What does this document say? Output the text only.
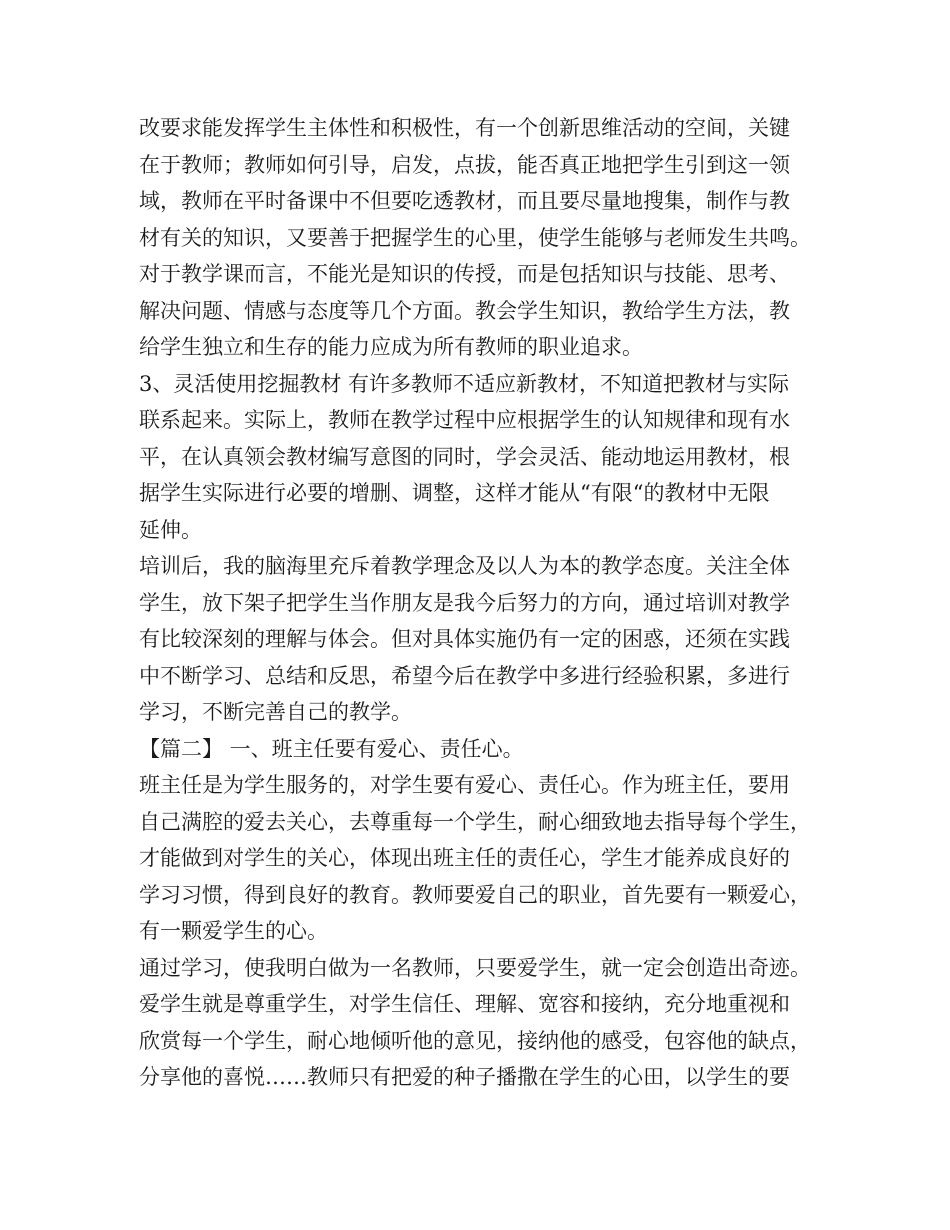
改要求能发挥学生主体性和积极性，有一个创新思维活动的空间，关键
在于教师；教师如何引导，启发，点拔，能否真正地把学生引到这一领
域，教师在平时备课中不但要吃透教材，而且要尽量地搜集，制作与教
材有关的知识，又要善于把握学生的心里，使学生能够与老师发生共鸣。
对于教学课而言，不能光是知识的传授，而是包括知识与技能、思考、
解决问题、情感与态度等几个方面。教会学生知识，教给学生方法，教
给学生独立和生存的能力应成为所有教师的职业追求。
3、灵活使用挖掘教材 有许多教师不适应新教材，不知道把教材与实际
联系起来。实际上，教师在教学过程中应根据学生的认知规律和现有水
平，在认真领会教材编写意图的同时，学会灵活、能动地运用教材，根
据学生实际进行必要的增删、调整，这样才能从“有限“的教材中无限
延伸。
培训后，我的脑海里充斥着教学理念及以人为本的教学态度。关注全体
学生，放下架子把学生当作朋友是我今后努力的方向，通过培训对教学
有比较深刻的理解与体会。但对具体实施仍有一定的困惑，还须在实践
中不断学习、总结和反思，希望今后在教学中多进行经验积累，多进行
学习，不断完善自己的教学。
【篇二】 一、班主任要有爱心、责任心。
班主任是为学生服务的，对学生要有爱心、责任心。作为班主任，要用
自己满腔的爱去关心，去尊重每一个学生，耐心细致地去指导每个学生，
才能做到对学生的关心，体现出班主任的责任心，学生才能养成良好的
学习习惯，得到良好的教育。教师要爱自己的职业，首先要有一颗爱心，
有一颗爱学生的心。
通过学习，使我明白做为一名教师，只要爱学生，就一定会创造出奇迹。
爱学生就是尊重学生，对学生信任、理解、宽容和接纳，充分地重视和
欣赏每一个学生，耐心地倾听他的意见，接纳他的感受，包容他的缺点，
分享他的喜悦……教师只有把爱的种子播撒在学生的心田，以学生的要
